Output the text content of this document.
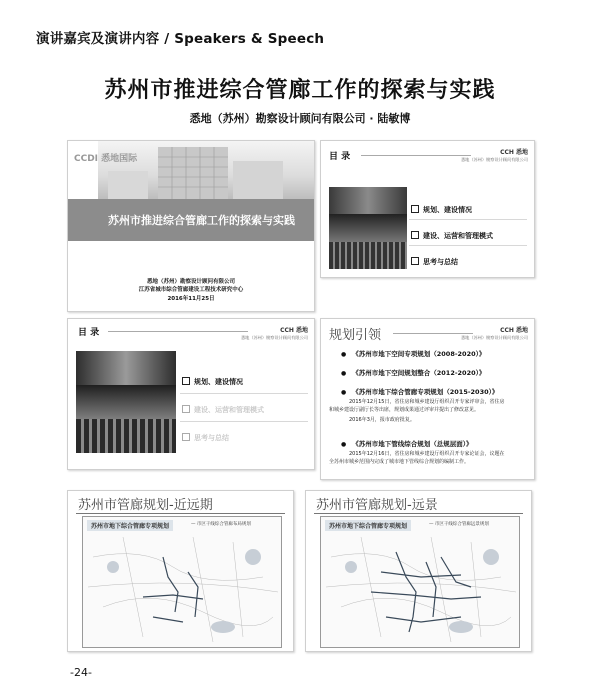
演讲嘉宾及演讲内容 / Speakers & Speech
苏州市推进综合管廊工作的探索与实践
悉地（苏州）勘察设计顾问有限公司 · 陆敏博
CCDI 悉地国际
苏州市推进综合管廊工作的探索与实践
悉地（苏州）勘察设计顾问有限公司
江苏省城市综合管廊建设工程技术研究中心
2016年11月25日
目 录	CCH 悉地
悉地（苏州）勘察设计顾问有限公司
规划、建设情况
建设、运营和管理模式
思考与总结
目 录	CCH 悉地
悉地（苏州）勘察设计顾问有限公司
规划、建设情况
建设、运营和管理模式
思考与总结
规划引领	CCH 悉地
悉地（苏州）勘察设计顾问有限公司
● 《苏州市地下空间专项规划（2008-2020）》
● 《苏州市地下空间规划整合（2012-2020）》
● 《苏州市地下综合管廊专项规划（2015-2030）》
2015年12月15日，省住房和城乡建设厅组织召开专家评审会，省住房
和城乡建设厅副厅长等出席，规划成果通过评审并提出了修改意见。
2016年3月，报市政府批复。
● 《苏州市地下管线综合规划（总规层面）》
2015年12月16日，省住房和城乡建设厅组织召开专家论证会，议题在
全苏州市城乡范围内完成了城市地下管线综合规划的编制工作。
苏州市管廊规划-近远期
苏州市地下综合管廊专项规划	— 市区干线综合管廊布局规划
苏州市管廊规划-远景
苏州市地下综合管廊专项规划	— 市区干线综合管廊远景规划
-24-
